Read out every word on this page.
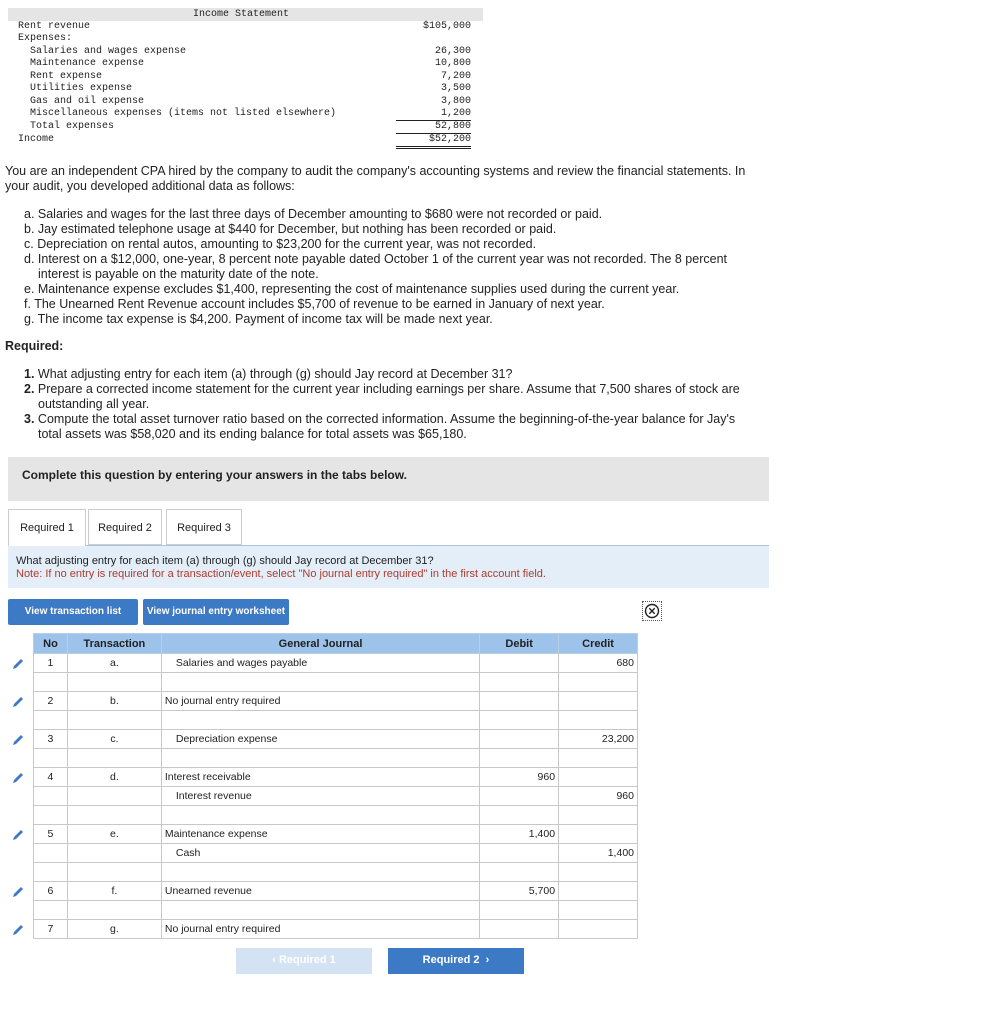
Income Statement
Rent revenue	$105,000
Expenses:
Salaries and wages expense	26,300
Maintenance expense	10,800
Rent expense	7,200
Utilities expense	3,500
Gas and oil expense	3,800
Miscellaneous expenses (items not listed elsewhere)	1,200
Total expenses	52,800
Income	$52,200
You are an independent CPA hired by the company to audit the company's accounting systems and review the financial statements. In
your audit, you developed additional data as follows:
a. Salaries and wages for the last three days of December amounting to $680 were not recorded or paid.
b. Jay estimated telephone usage at $440 for December, but nothing has been recorded or paid.
c. Depreciation on rental autos, amounting to $23,200 for the current year, was not recorded.
d. Interest on a $12,000, one-year, 8 percent note payable dated October 1 of the current year was not recorded. The 8 percent
interest is payable on the maturity date of the note.
e. Maintenance expense excludes $1,400, representing the cost of maintenance supplies used during the current year.
f. The Unearned Rent Revenue account includes $5,700 of revenue to be earned in January of next year.
g. The income tax expense is $4,200. Payment of income tax will be made next year.
Required:
1. What adjusting entry for each item (a) through (g) should Jay record at December 31?
2. Prepare a corrected income statement for the current year including earnings per share. Assume that 7,500 shares of stock are
outstanding all year.
3. Compute the total asset turnover ratio based on the corrected information. Assume the beginning-of-the-year balance for Jay's
total assets was $58,020 and its ending balance for total assets was $65,180.
Complete this question by entering your answers in the tabs below.
Required 1	Required 2	Required 3
What adjusting entry for each item (a) through (g) should Jay record at December 31?
Note: If no entry is required for a transaction/event, select "No journal entry required" in the first account field.
View transaction list	View journal entry worksheet
No	Transaction	General Journal	Debit	Credit
1	a.	Salaries and wages payable		680

2	b.	No journal entry required		

3	c.	Depreciation expense		23,200

4	d.	Interest receivable	960	
		Interest revenue		960

5	e.	Maintenance expense	1,400	
		Cash		1,400

6	f.	Unearned revenue	5,700	

7	g.	No journal entry required		
‹ Required 1	Required 2  ›
